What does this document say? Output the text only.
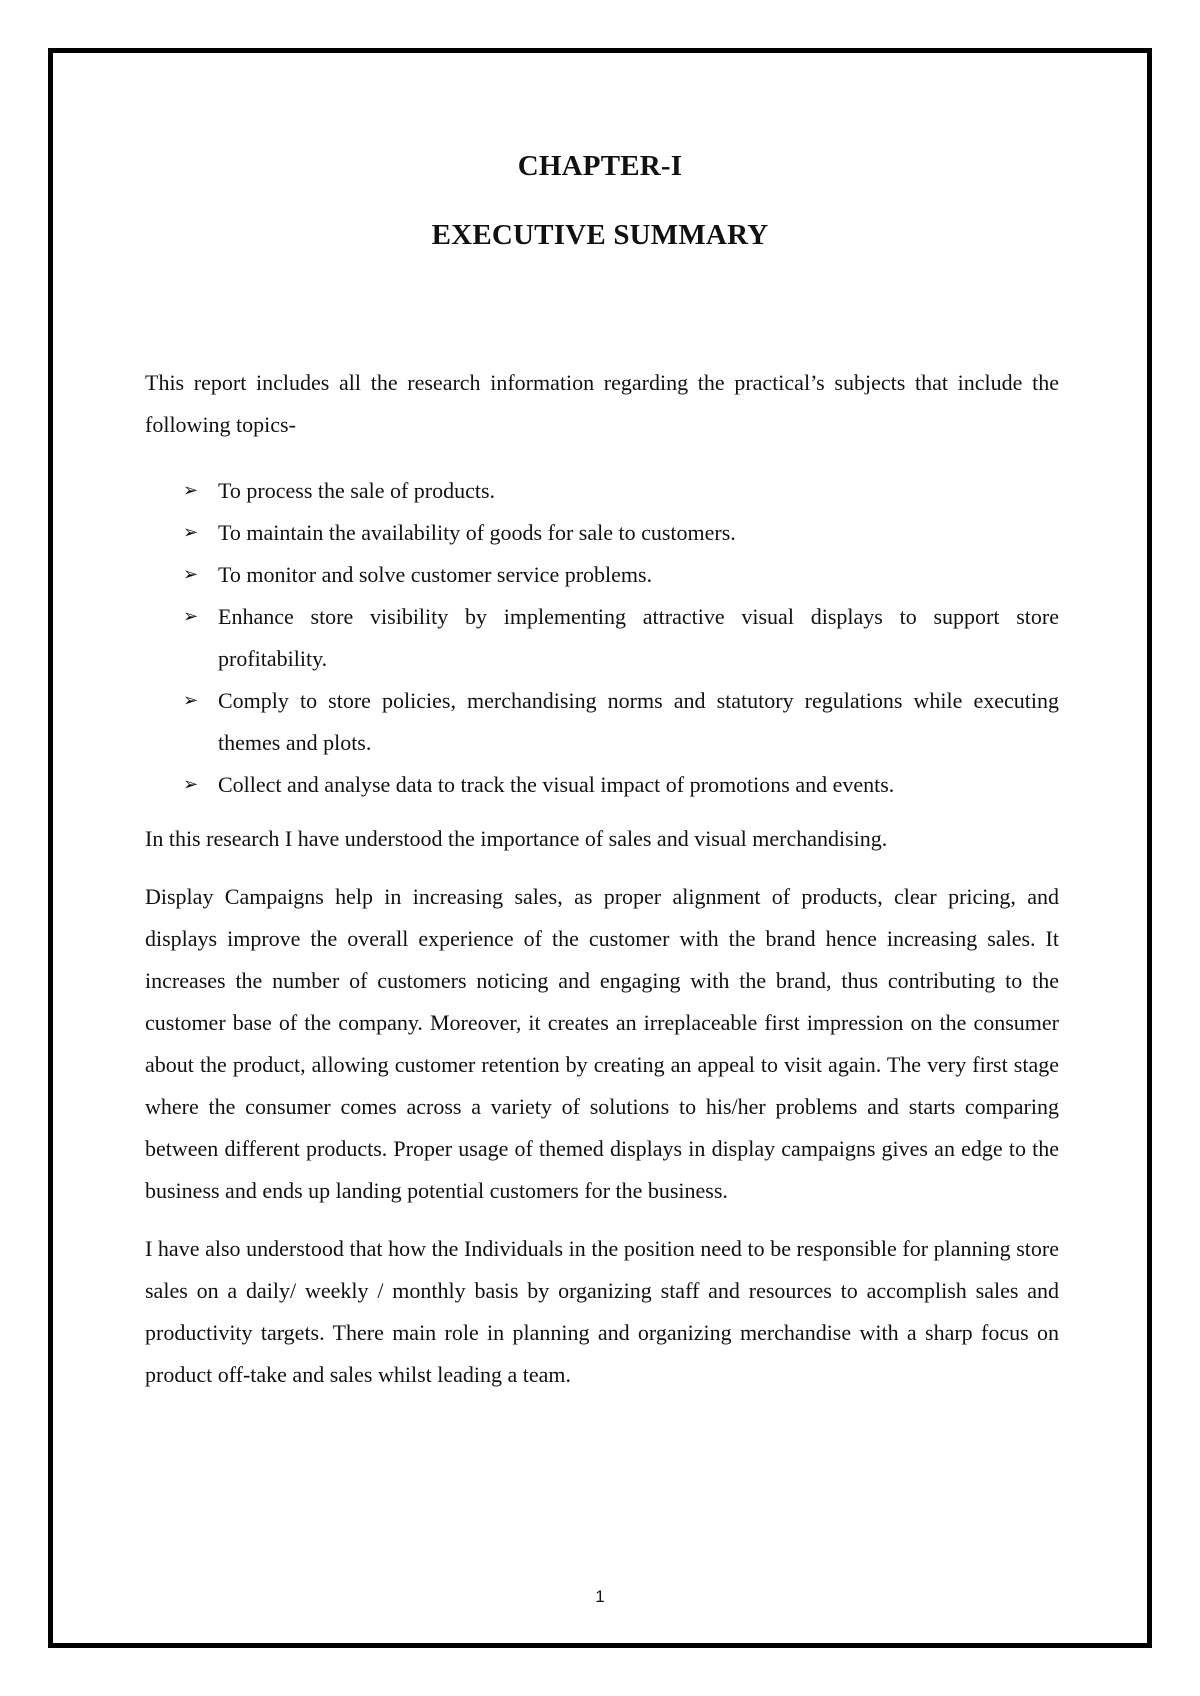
CHAPTER-I
EXECUTIVE SUMMARY

This report includes all the research information regarding the practical’s subjects that include the following topics-

➢ To process the sale of products.
➢ To maintain the availability of goods for sale to customers.
➢ To monitor and solve customer service problems.
➢ Enhance store visibility by implementing attractive visual displays to support store profitability.
➢ Comply to store policies, merchandising norms and statutory regulations while executing themes and plots.
➢ Collect and analyse data to track the visual impact of promotions and events.

In this research I have understood the importance of sales and visual merchandising.

Display Campaigns help in increasing sales, as proper alignment of products, clear pricing, and displays improve the overall experience of the customer with the brand hence increasing sales. It increases the number of customers noticing and engaging with the brand, thus contributing to the customer base of the company. Moreover, it creates an irreplaceable first impression on the consumer about the product, allowing customer retention by creating an appeal to visit again. The very first stage where the consumer comes across a variety of solutions to his/her problems and starts comparing between different products. Proper usage of themed displays in display campaigns gives an edge to the business and ends up landing potential customers for the business.

I have also understood that how the Individuals in the position need to be responsible for planning store sales on a daily/ weekly / monthly basis by organizing staff and resources to accomplish sales and productivity targets. There main role in planning and organizing merchandise with a sharp focus on product off-take and sales whilst leading a team.

1
